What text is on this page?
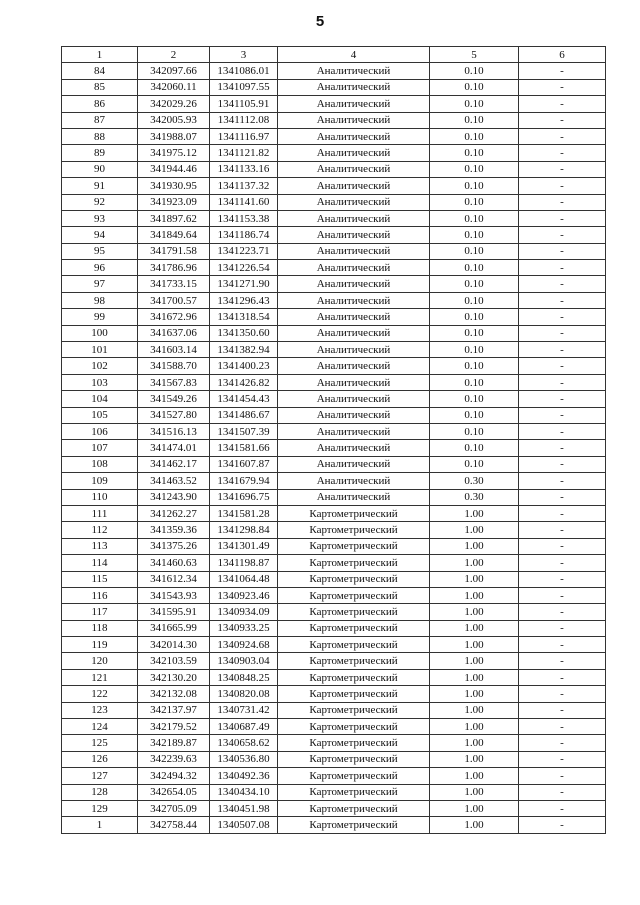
5
1	2	3	4	5	6
84	342097.66	1341086.01	Аналитический	0.10	-
85	342060.11	1341097.55	Аналитический	0.10	-
86	342029.26	1341105.91	Аналитический	0.10	-
87	342005.93	1341112.08	Аналитический	0.10	-
88	341988.07	1341116.97	Аналитический	0.10	-
89	341975.12	1341121.82	Аналитический	0.10	-
90	341944.46	1341133.16	Аналитический	0.10	-
91	341930.95	1341137.32	Аналитический	0.10	-
92	341923.09	1341141.60	Аналитический	0.10	-
93	341897.62	1341153.38	Аналитический	0.10	-
94	341849.64	1341186.74	Аналитический	0.10	-
95	341791.58	1341223.71	Аналитический	0.10	-
96	341786.96	1341226.54	Аналитический	0.10	-
97	341733.15	1341271.90	Аналитический	0.10	-
98	341700.57	1341296.43	Аналитический	0.10	-
99	341672.96	1341318.54	Аналитический	0.10	-
100	341637.06	1341350.60	Аналитический	0.10	-
101	341603.14	1341382.94	Аналитический	0.10	-
102	341588.70	1341400.23	Аналитический	0.10	-
103	341567.83	1341426.82	Аналитический	0.10	-
104	341549.26	1341454.43	Аналитический	0.10	-
105	341527.80	1341486.67	Аналитический	0.10	-
106	341516.13	1341507.39	Аналитический	0.10	-
107	341474.01	1341581.66	Аналитический	0.10	-
108	341462.17	1341607.87	Аналитический	0.10	-
109	341463.52	1341679.94	Аналитический	0.30	-
110	341243.90	1341696.75	Аналитический	0.30	-
111	341262.27	1341581.28	Картометрический	1.00	-
112	341359.36	1341298.84	Картометрический	1.00	-
113	341375.26	1341301.49	Картометрический	1.00	-
114	341460.63	1341198.87	Картометрический	1.00	-
115	341612.34	1341064.48	Картометрический	1.00	-
116	341543.93	1340923.46	Картометрический	1.00	-
117	341595.91	1340934.09	Картометрический	1.00	-
118	341665.99	1340933.25	Картометрический	1.00	-
119	342014.30	1340924.68	Картометрический	1.00	-
120	342103.59	1340903.04	Картометрический	1.00	-
121	342130.20	1340848.25	Картометрический	1.00	-
122	342132.08	1340820.08	Картометрический	1.00	-
123	342137.97	1340731.42	Картометрический	1.00	-
124	342179.52	1340687.49	Картометрический	1.00	-
125	342189.87	1340658.62	Картометрический	1.00	-
126	342239.63	1340536.80	Картометрический	1.00	-
127	342494.32	1340492.36	Картометрический	1.00	-
128	342654.05	1340434.10	Картометрический	1.00	-
129	342705.09	1340451.98	Картометрический	1.00	-
1	342758.44	1340507.08	Картометрический	1.00	-
